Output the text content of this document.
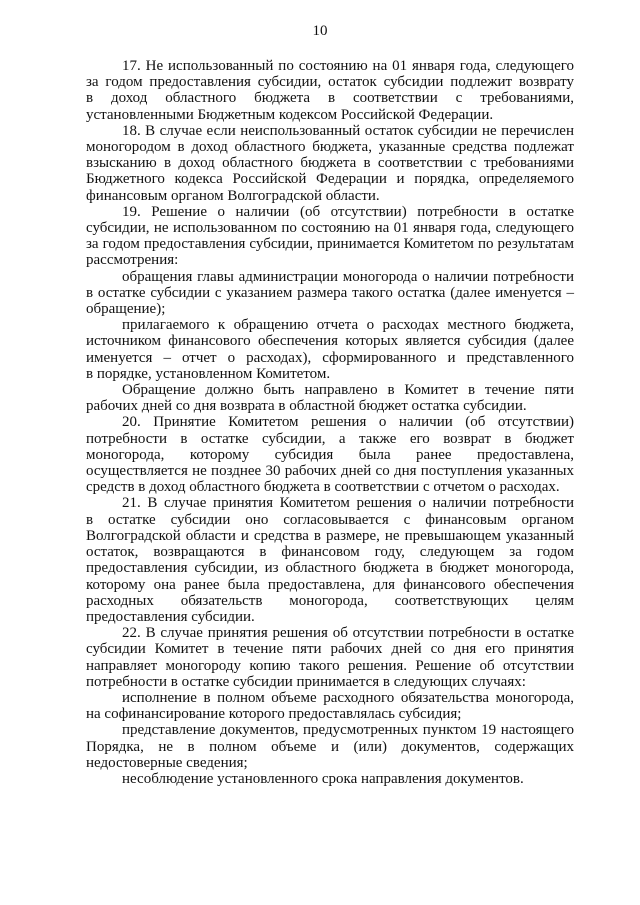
10
17. Не использованный по состоянию на 01 января года, следующего
за годом предоставления субсидии, остаток субсидии подлежит возврату
в доход областного бюджета в соответствии с требованиями,
установленными Бюджетным кодексом Российской Федерации.
18. В случае если неиспользованный остаток субсидии не перечислен
моногородом в доход областного бюджета, указанные средства подлежат
взысканию в доход областного бюджета в соответствии с требованиями
Бюджетного кодекса Российской Федерации и порядка, определяемого
финансовым органом Волгоградской области.
19. Решение о наличии (об отсутствии) потребности в остатке
субсидии, не использованном по состоянию на 01 января года, следующего
за годом предоставления субсидии, принимается Комитетом по результатам
рассмотрения:
обращения главы администрации моногорода о наличии потребности
в остатке субсидии с указанием размера такого остатка (далее именуется –
обращение);
прилагаемого к обращению отчета о расходах местного бюджета,
источником финансового обеспечения которых является субсидия (далее
именуется – отчет о расходах), сформированного и представленного
в порядке, установленном Комитетом.
Обращение должно быть направлено в Комитет в течение пяти
рабочих дней со дня возврата в областной бюджет остатка субсидии.
20. Принятие Комитетом решения о наличии (об отсутствии)
потребности в остатке субсидии, а также его возврат в бюджет
моногорода, которому субсидия была ранее предоставлена,
осуществляется не позднее 30 рабочих дней со дня поступления указанных
средств в доход областного бюджета в соответствии с отчетом о расходах.
21. В случае принятия Комитетом решения о наличии потребности
в остатке субсидии оно согласовывается с финансовым органом
Волгоградской области и средства в размере, не превышающем указанный
остаток, возвращаются в финансовом году, следующем за годом
предоставления субсидии, из областного бюджета в бюджет моногорода,
которому она ранее была предоставлена, для финансового обеспечения
расходных обязательств моногорода, соответствующих целям
предоставления субсидии.
22. В случае принятия решения об отсутствии потребности в остатке
субсидии Комитет в течение пяти рабочих дней со дня его принятия
направляет моногороду копию такого решения. Решение об отсутствии
потребности в остатке субсидии принимается в следующих случаях:
исполнение в полном объеме расходного обязательства моногорода,
на софинансирование которого предоставлялась субсидия;
представление документов, предусмотренных пунктом 19 настоящего
Порядка, не в полном объеме и (или) документов, содержащих
недостоверные сведения;
несоблюдение установленного срока направления документов.
